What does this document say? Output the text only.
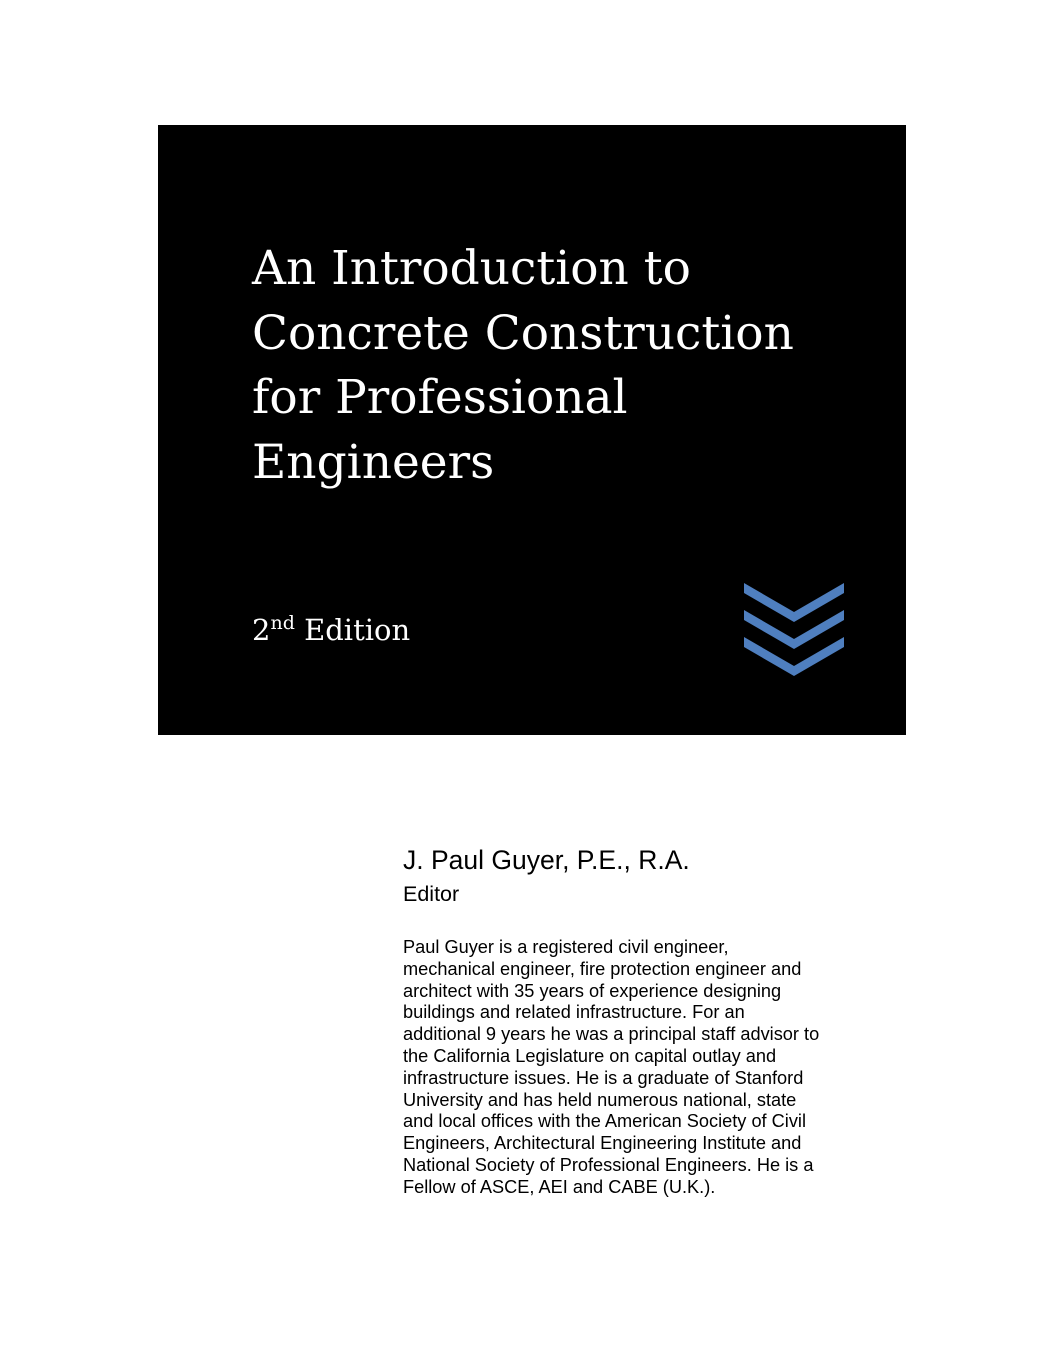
An Introduction to
Concrete Construction
for Professional
Engineers
2nd Edition
J. Paul Guyer, P.E., R.A.

Editor

Paul Guyer is a registered civil engineer,
mechanical engineer, fire protection engineer and
architect with 35 years of experience designing
buildings and related infrastructure. For an
additional 9 years he was a principal staff advisor to
the California Legislature on capital outlay and
infrastructure issues. He is a graduate of Stanford
University and has held numerous national, state
and local offices with the American Society of Civil
Engineers, Architectural Engineering Institute and
National Society of Professional Engineers. He is a
Fellow of ASCE, AEI and CABE (U.K.).
